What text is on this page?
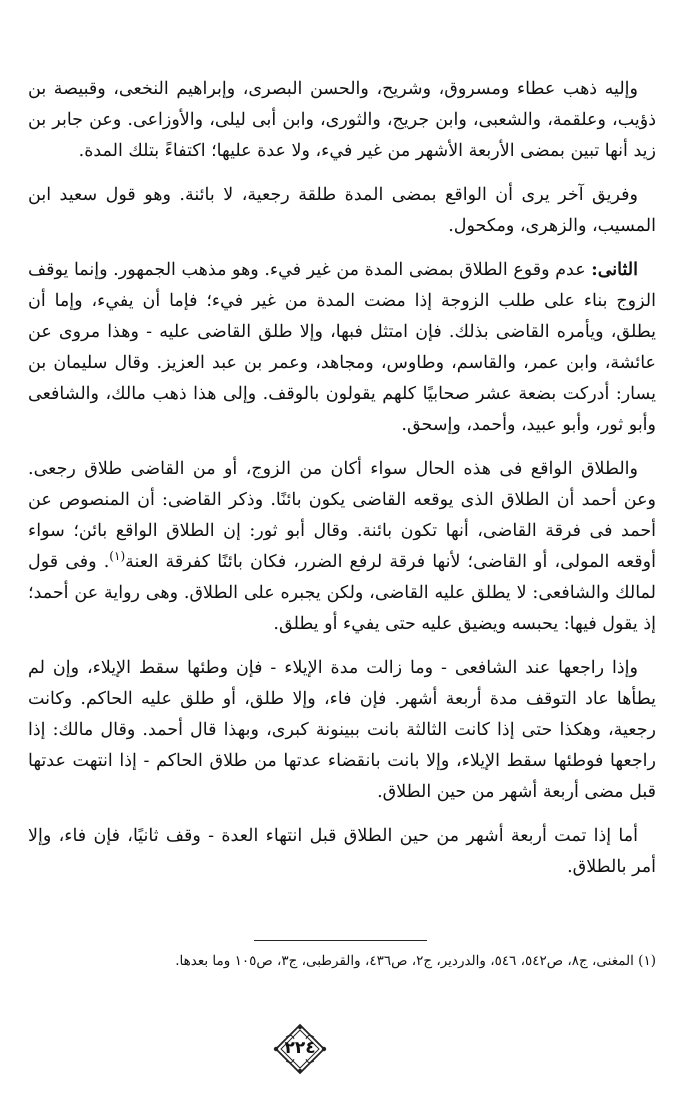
وإليه ذهب عطاء ومسروق، وشريح، والحسن البصرى، وإبراهيم النخعى، وقبيصة بن ذؤيب، وعلقمة، والشعبى، وابن جريج، والثورى، وابن أبى ليلى، والأوزاعى. وعن جابر بن زيد أنها تبين بمضى الأربعة الأشهر من غير فيء، ولا عدة عليها؛ اكتفاءً بتلك المدة.

وفريق آخر يرى أن الواقع بمضى المدة طلقة رجعية، لا بائنة. وهو قول سعيد ابن المسيب، والزهرى، ومكحول.

الثانى: عدم وقوع الطلاق بمضى المدة من غير فيء. وهو مذهب الجمهور. وإنما يوقف الزوج بناء على طلب الزوجة إذا مضت المدة من غير فيء؛ فإما أن يفيء، وإما أن يطلق، ويأمره القاضى بذلك. فإن امتثل فبها، وإلا طلق القاضى عليه - وهذا مروى عن عائشة، وابن عمر، والقاسم، وطاوس، ومجاهد، وعمر بن عبد العزيز. وقال سليمان بن يسار: أدركت بضعة عشر صحابيًا كلهم يقولون بالوقف. وإلى هذا ذهب مالك، والشافعى وأبو ثور، وأبو عبيد، وأحمد، وإسحق.

والطلاق الواقع فى هذه الحال سواء أكان من الزوج، أو من القاضى طلاق رجعى. وعن أحمد أن الطلاق الذى يوقعه القاضى يكون بائنًا. وذكر القاضى: أن المنصوص عن أحمد فى فرقة القاضى، أنها تكون بائنة. وقال أبو ثور: إن الطلاق الواقع بائن؛ سواء أوقعه المولى، أو القاضى؛ لأنها فرقة لرفع الضرر، فكان بائنًا كفرقة العنة$^{(١)}$. وفى قول لمالك والشافعى: لا يطلق عليه القاضى، ولكن يجبره على الطلاق. وهى رواية عن أحمد؛ إذ يقول فيها: يحبسه ويضيق عليه حتى يفيء أو يطلق.

وإذا راجعها عند الشافعى - وما زالت مدة الإيلاء - فإن وطئها سقط الإيلاء، وإن لم يطأها عاد التوقف مدة أربعة أشهر. فإن فاء، وإلا طلق، أو طلق عليه الحاكم. وكانت رجعية، وهكذا حتى إذا كانت الثالثة بانت ببينونة كبرى، وبهذا قال أحمد. وقال مالك: إذا راجعها فوطئها سقط الإيلاء، وإلا بانت بانقضاء عدتها من طلاق الحاكم - إذا انتهت عدتها قبل مضى أربعة أشهر من حين الطلاق.

أما إذا تمت أربعة أشهر من حين الطلاق قبل انتهاء العدة - وقف ثانيًا، فإن فاء، وإلا أمر بالطلاق.

(١) المغنى، ج٨، ص٥٤٢، ٥٤٦، والدردير، ج٢، ص٤٣٦، والقرطبى، ج٣، ص١٠٥ وما بعدها.
٢٢٤
